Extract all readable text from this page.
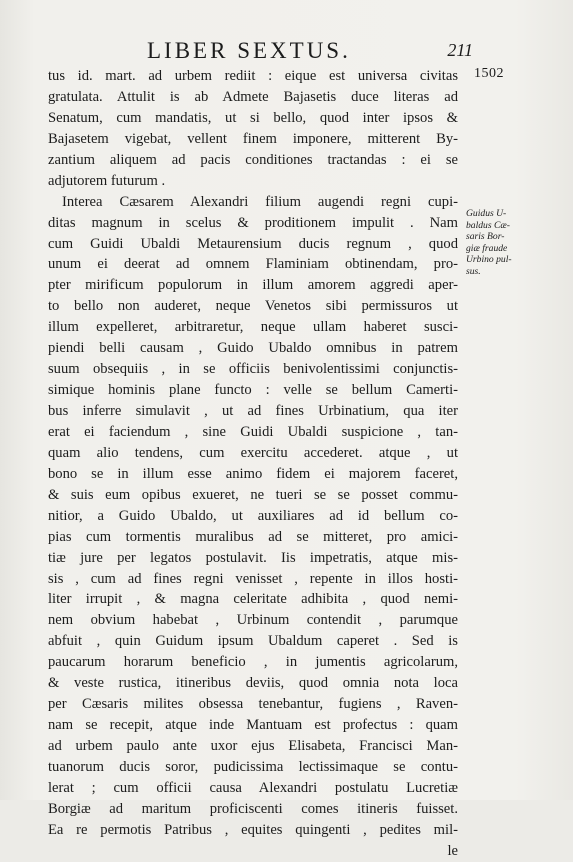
LIBER SEXTUS.	211
1502
Guidus U-
baldus Cæ-
saris Bor-
giæ fraude
Urbino pul-
sus.
tus id. mart. ad urbem rediit : eique est universa civitas
gratulata. Attulit is ab Admete Bajasetis duce literas ad
Senatum, cum mandatis, ut si bello, quod inter ipsos &
Bajasetem vigebat, vellent finem imponere, mitterent By-
zantium aliquem ad pacis conditiones tractandas : ei se
adjutorem futurum .
Interea Cæsarem Alexandri filium augendi regni cupi-
ditas magnum in scelus & proditionem impulit . Nam
cum Guidi Ubaldi Metaurensium ducis regnum , quod
unum ei deerat ad omnem Flaminiam obtinendam, pro-
pter mirificum populorum in illum amorem aggredi aper-
to bello non auderet, neque Venetos sibi permissuros ut
illum expelleret, arbitraretur, neque ullam haberet susci-
piendi belli causam , Guido Ubaldo omnibus in patrem
suum obsequiis , in se officiis benivolentissimi conjunctis-
simique hominis plane functo : velle se bellum Camerti-
bus inferre simulavit , ut ad fines Urbinatium, qua iter
erat ei faciendum , sine Guidi Ubaldi suspicione , tan-
quam alio tendens, cum exercitu accederet. atque , ut
bono se in illum esse animo fidem ei majorem faceret,
& suis eum opibus exueret, ne tueri se se posset commu-
nitior, a Guido Ubaldo, ut auxiliares ad id bellum co-
pias cum tormentis muralibus ad se mitteret, pro amici-
tiæ jure per legatos postulavit. Iis impetratis, atque mis-
sis , cum ad fines regni venisset , repente in illos hosti-
liter irrupit , & magna celeritate adhibita , quod nemi-
nem obvium habebat , Urbinum contendit , parumque
abfuit , quin Guidum ipsum Ubaldum caperet . Sed is
paucarum horarum beneficio , in jumentis agricolarum,
& veste rustica, itineribus deviis, quod omnia nota loca
per Cæsaris milites obsessa tenebantur, fugiens , Raven-
nam se recepit, atque inde Mantuam est profectus : quam
ad urbem paulo ante uxor ejus Elisabeta, Francisci Man-
tuanorum ducis soror, pudicissima lectissimaque se contu-
lerat ; cum officii causa Alexandri postulatu Lucretiæ
Borgiæ ad maritum proficiscenti comes itineris fuisset.
Ea re permotis Patribus , equites quingenti , pedites mil-
le
